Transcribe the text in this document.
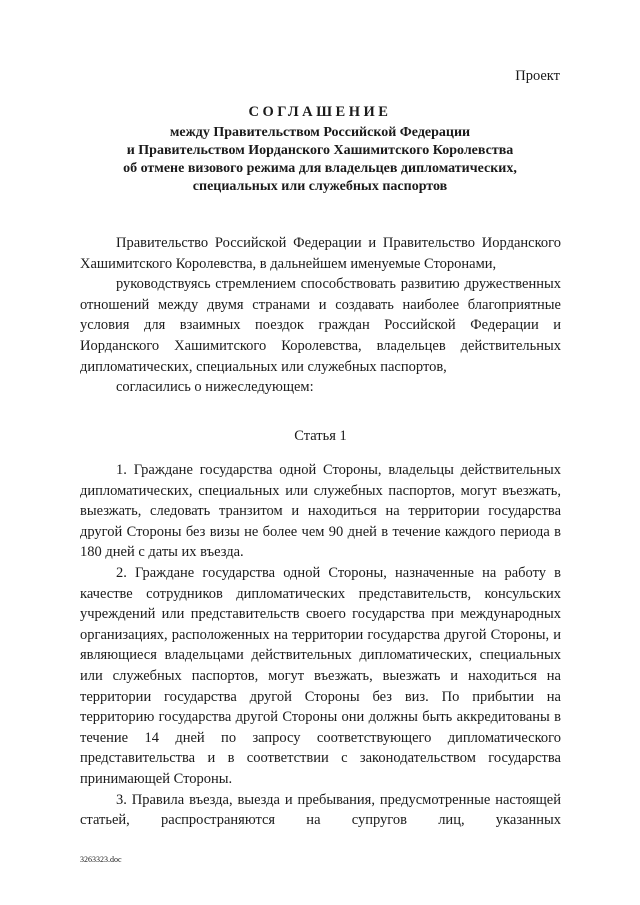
Проект
СОГЛАШЕНИЕ
между Правительством Российской Федерации
и Правительством Иорданского Хашимитского Королевства
об отмене визового режима для владельцев дипломатических,
специальных или служебных паспортов

Правительство Российской Федерации и Правительство Иорданского Хашимитского Королевства, в дальнейшем именуемые Сторонами,

руководствуясь стремлением способствовать развитию дружественных отношений между двумя странами и создавать наиболее благоприятные условия для взаимных поездок граждан Российской Федерации и Иорданского Хашимитского Королевства, владельцев действительных дипломатических, специальных или служебных паспортов,

согласились о нижеследующем:

Статья 1

1. Граждане государства одной Стороны, владельцы действительных дипломатических, специальных или служебных паспортов, могут въезжать, выезжать, следовать транзитом и находиться на территории государства другой Стороны без визы не более чем 90 дней в течение каждого периода в 180 дней с даты их въезда.

2. Граждане государства одной Стороны, назначенные на работу в качестве сотрудников дипломатических представительств, консульских учреждений или представительств своего государства при международных организациях, расположенных на территории государства другой Стороны, и являющиеся владельцами действительных дипломатических, специальных или служебных паспортов, могут въезжать, выезжать и находиться на территории государства другой Стороны без виз. По прибытии на территорию государства другой Стороны они должны быть аккредитованы в течение 14 дней по запросу соответствующего дипломатического представительства и в соответствии с законодательством государства принимающей Стороны.

3. Правила въезда, выезда и пребывания, предусмотренные настоящей статьей, распространяются на супругов лиц, указанных

3263323.doc
